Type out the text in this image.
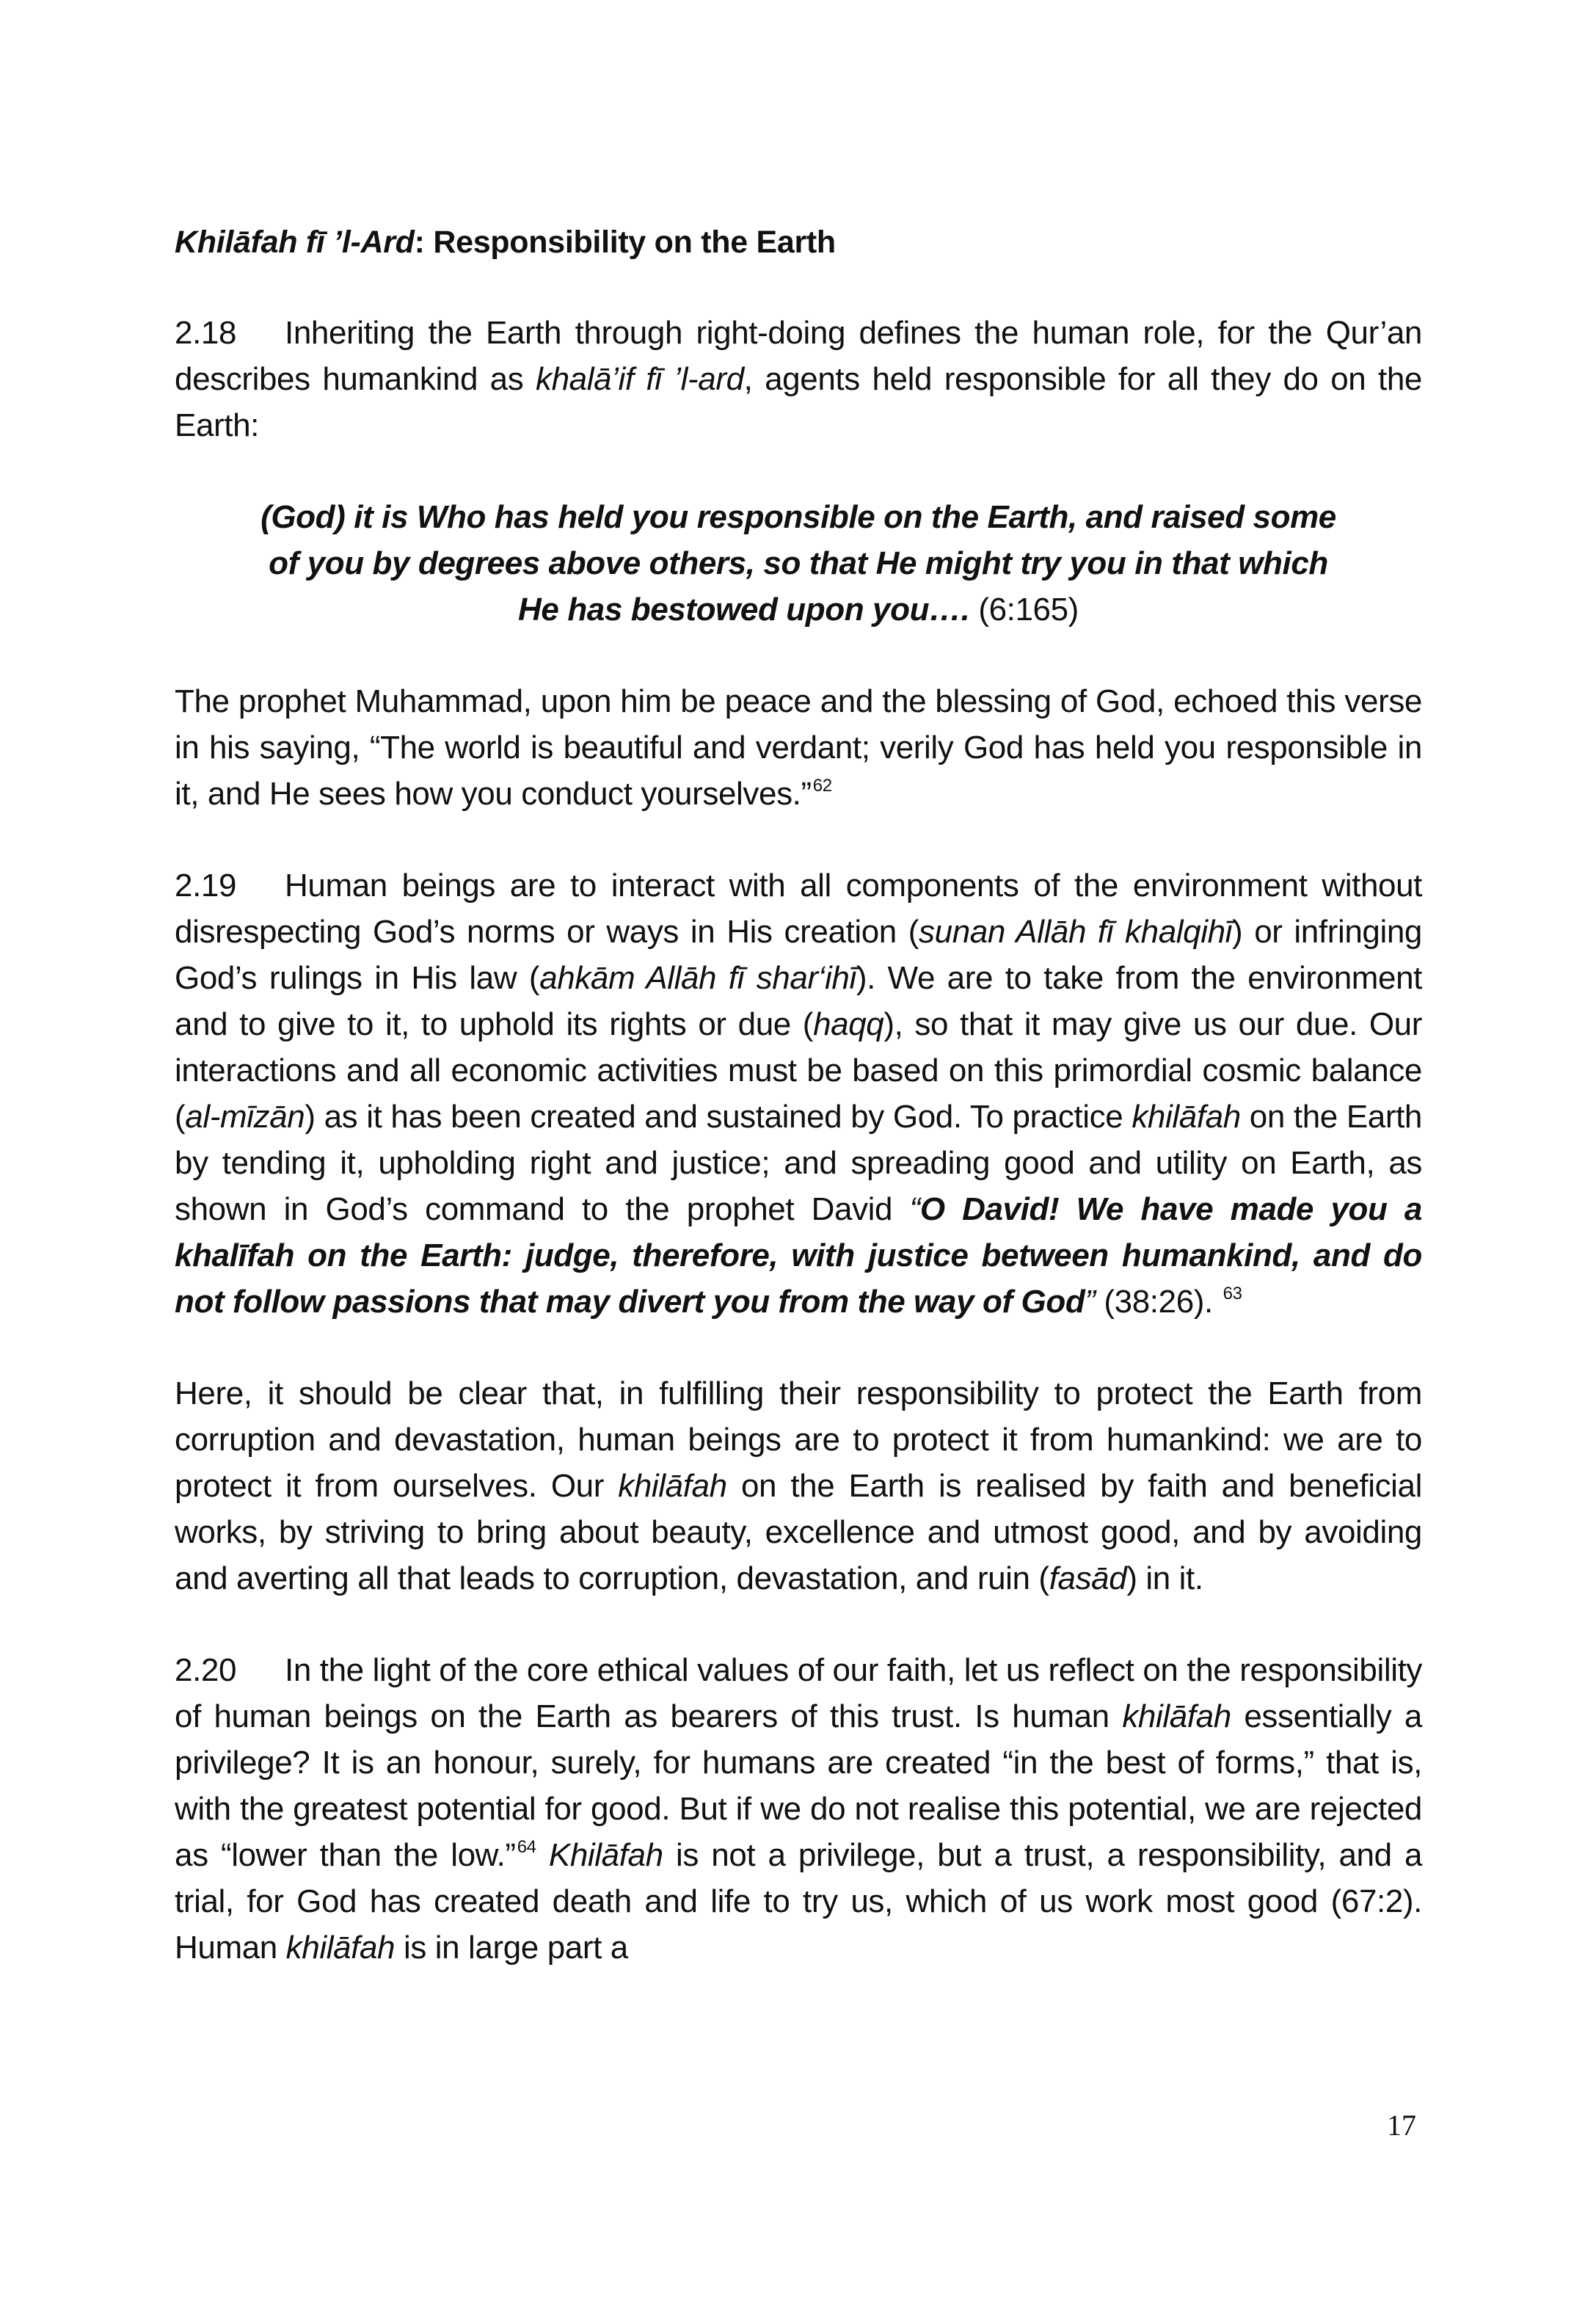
Khilāfah fī ’l-Ard: Responsibility on the Earth

2.18 Inheriting the Earth through right-doing defines the human role, for the Qur’an describes humankind as khalā’if fī ’l-ard, agents held responsible for all they do on the Earth:

(God) it is Who has held you responsible on the Earth, and raised some of you by degrees above others, so that He might try you in that which He has bestowed upon you…. (6:165)

The prophet Muhammad, upon him be peace and the blessing of God, echoed this verse in his saying, “The world is beautiful and verdant; verily God has held you responsible in it, and He sees how you conduct yourselves.”$^{62}$

2.19 Human beings are to interact with all components of the environment without disrespecting God’s norms or ways in His creation (sunan Allāh fī khalqihī) or infringing God’s rulings in His law (ahkām Allāh fī shar‘ihī). We are to take from the environment and to give to it, to uphold its rights or due (haqq), so that it may give us our due. Our interactions and all economic activities must be based on this primordial cosmic balance (al-mīzān) as it has been created and sustained by God. To practice khilāfah on the Earth by tending it, upholding right and justice; and spreading good and utility on Earth, as shown in God’s command to the prophet David “O David! We have made you a khalīfah on the Earth: judge, therefore, with justice between humankind, and do not follow passions that may divert you from the way of God” (38:26). $^{63}$

Here, it should be clear that, in fulfilling their responsibility to protect the Earth from corruption and devastation, human beings are to protect it from humankind: we are to protect it from ourselves. Our khilāfah on the Earth is realised by faith and beneficial works, by striving to bring about beauty, excellence and utmost good, and by avoiding and averting all that leads to corruption, devastation, and ruin (fasād) in it.

2.20 In the light of the core ethical values of our faith, let us reflect on the responsibility of human beings on the Earth as bearers of this trust. Is human khilāfah essentially a privilege? It is an honour, surely, for humans are created “in the best of forms,” that is, with the greatest potential for good. But if we do not realise this potential, we are rejected as “lower than the low.”$^{64}$ Khilāfah is not a privilege, but a trust, a responsibility, and a trial, for God has created death and life to try us, which of us work most good (67:2). Human khilāfah is in large part a

17
